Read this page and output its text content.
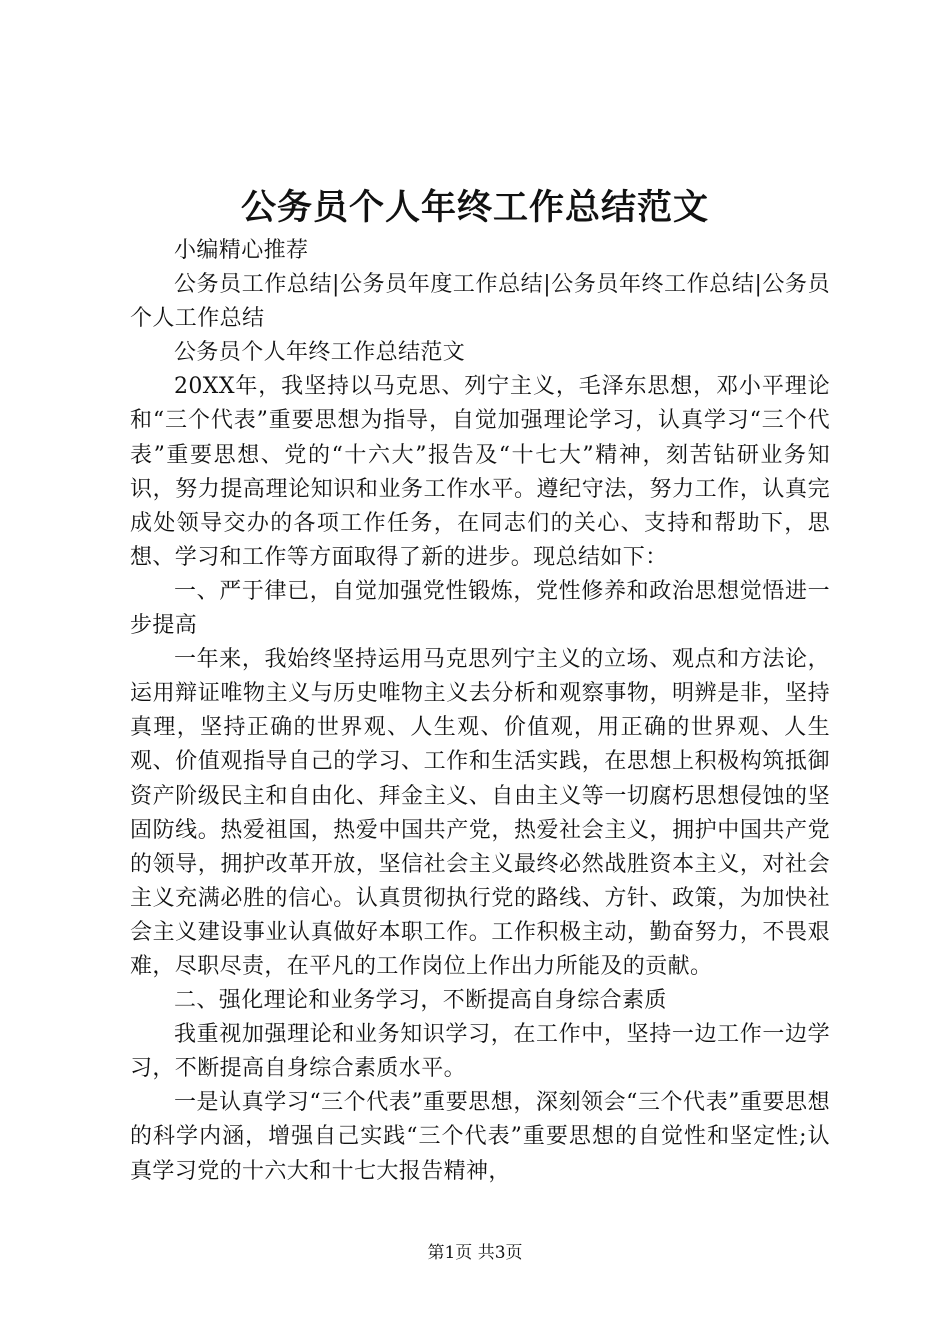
公务员个人年终工作总结范文

小编精心推荐

公务员工作总结|公务员年度工作总结|公务员年终工作总结|公务员个人工作总结

公务员个人年终工作总结范文

20XX年，我坚持以马克思、列宁主义，毛泽东思想，邓小平理论和“三个代表”重要思想为指导，自觉加强理论学习，认真学习“三个代表”重要思想、党的“十六大”报告及“十七大”精神，刻苦钻研业务知识，努力提高理论知识和业务工作水平。遵纪守法，努力工作，认真完成处领导交办的各项工作任务，在同志们的关心、支持和帮助下，思想、学习和工作等方面取得了新的进步。现总结如下：

一、严于律已，自觉加强党性锻炼，党性修养和政治思想觉悟进一步提高

一年来，我始终坚持运用马克思列宁主义的立场、观点和方法论，运用辩证唯物主义与历史唯物主义去分析和观察事物，明辨是非，坚持真理，坚持正确的世界观、人生观、价值观，用正确的世界观、人生观、价值观指导自己的学习、工作和生活实践，在思想上积极构筑抵御资产阶级民主和自由化、拜金主义、自由主义等一切腐朽思想侵蚀的坚固防线。热爱祖国，热爱中国共产党，热爱社会主义，拥护中国共产党的领导，拥护改革开放，坚信社会主义最终必然战胜资本主义，对社会主义充满必胜的信心。认真贯彻执行党的路线、方针、政策，为加快社会主义建设事业认真做好本职工作。工作积极主动，勤奋努力，不畏艰难，尽职尽责，在平凡的工作岗位上作出力所能及的贡献。

二、强化理论和业务学习，不断提高自身综合素质

我重视加强理论和业务知识学习，在工作中，坚持一边工作一边学习，不断提高自身综合素质水平。

一是认真学习“三个代表”重要思想，深刻领会“三个代表”重要思想的科学内涵，增强自己实践“三个代表”重要思想的自觉性和坚定性;认真学习党的十六大和十七大报告精神，

第1页 共3页
